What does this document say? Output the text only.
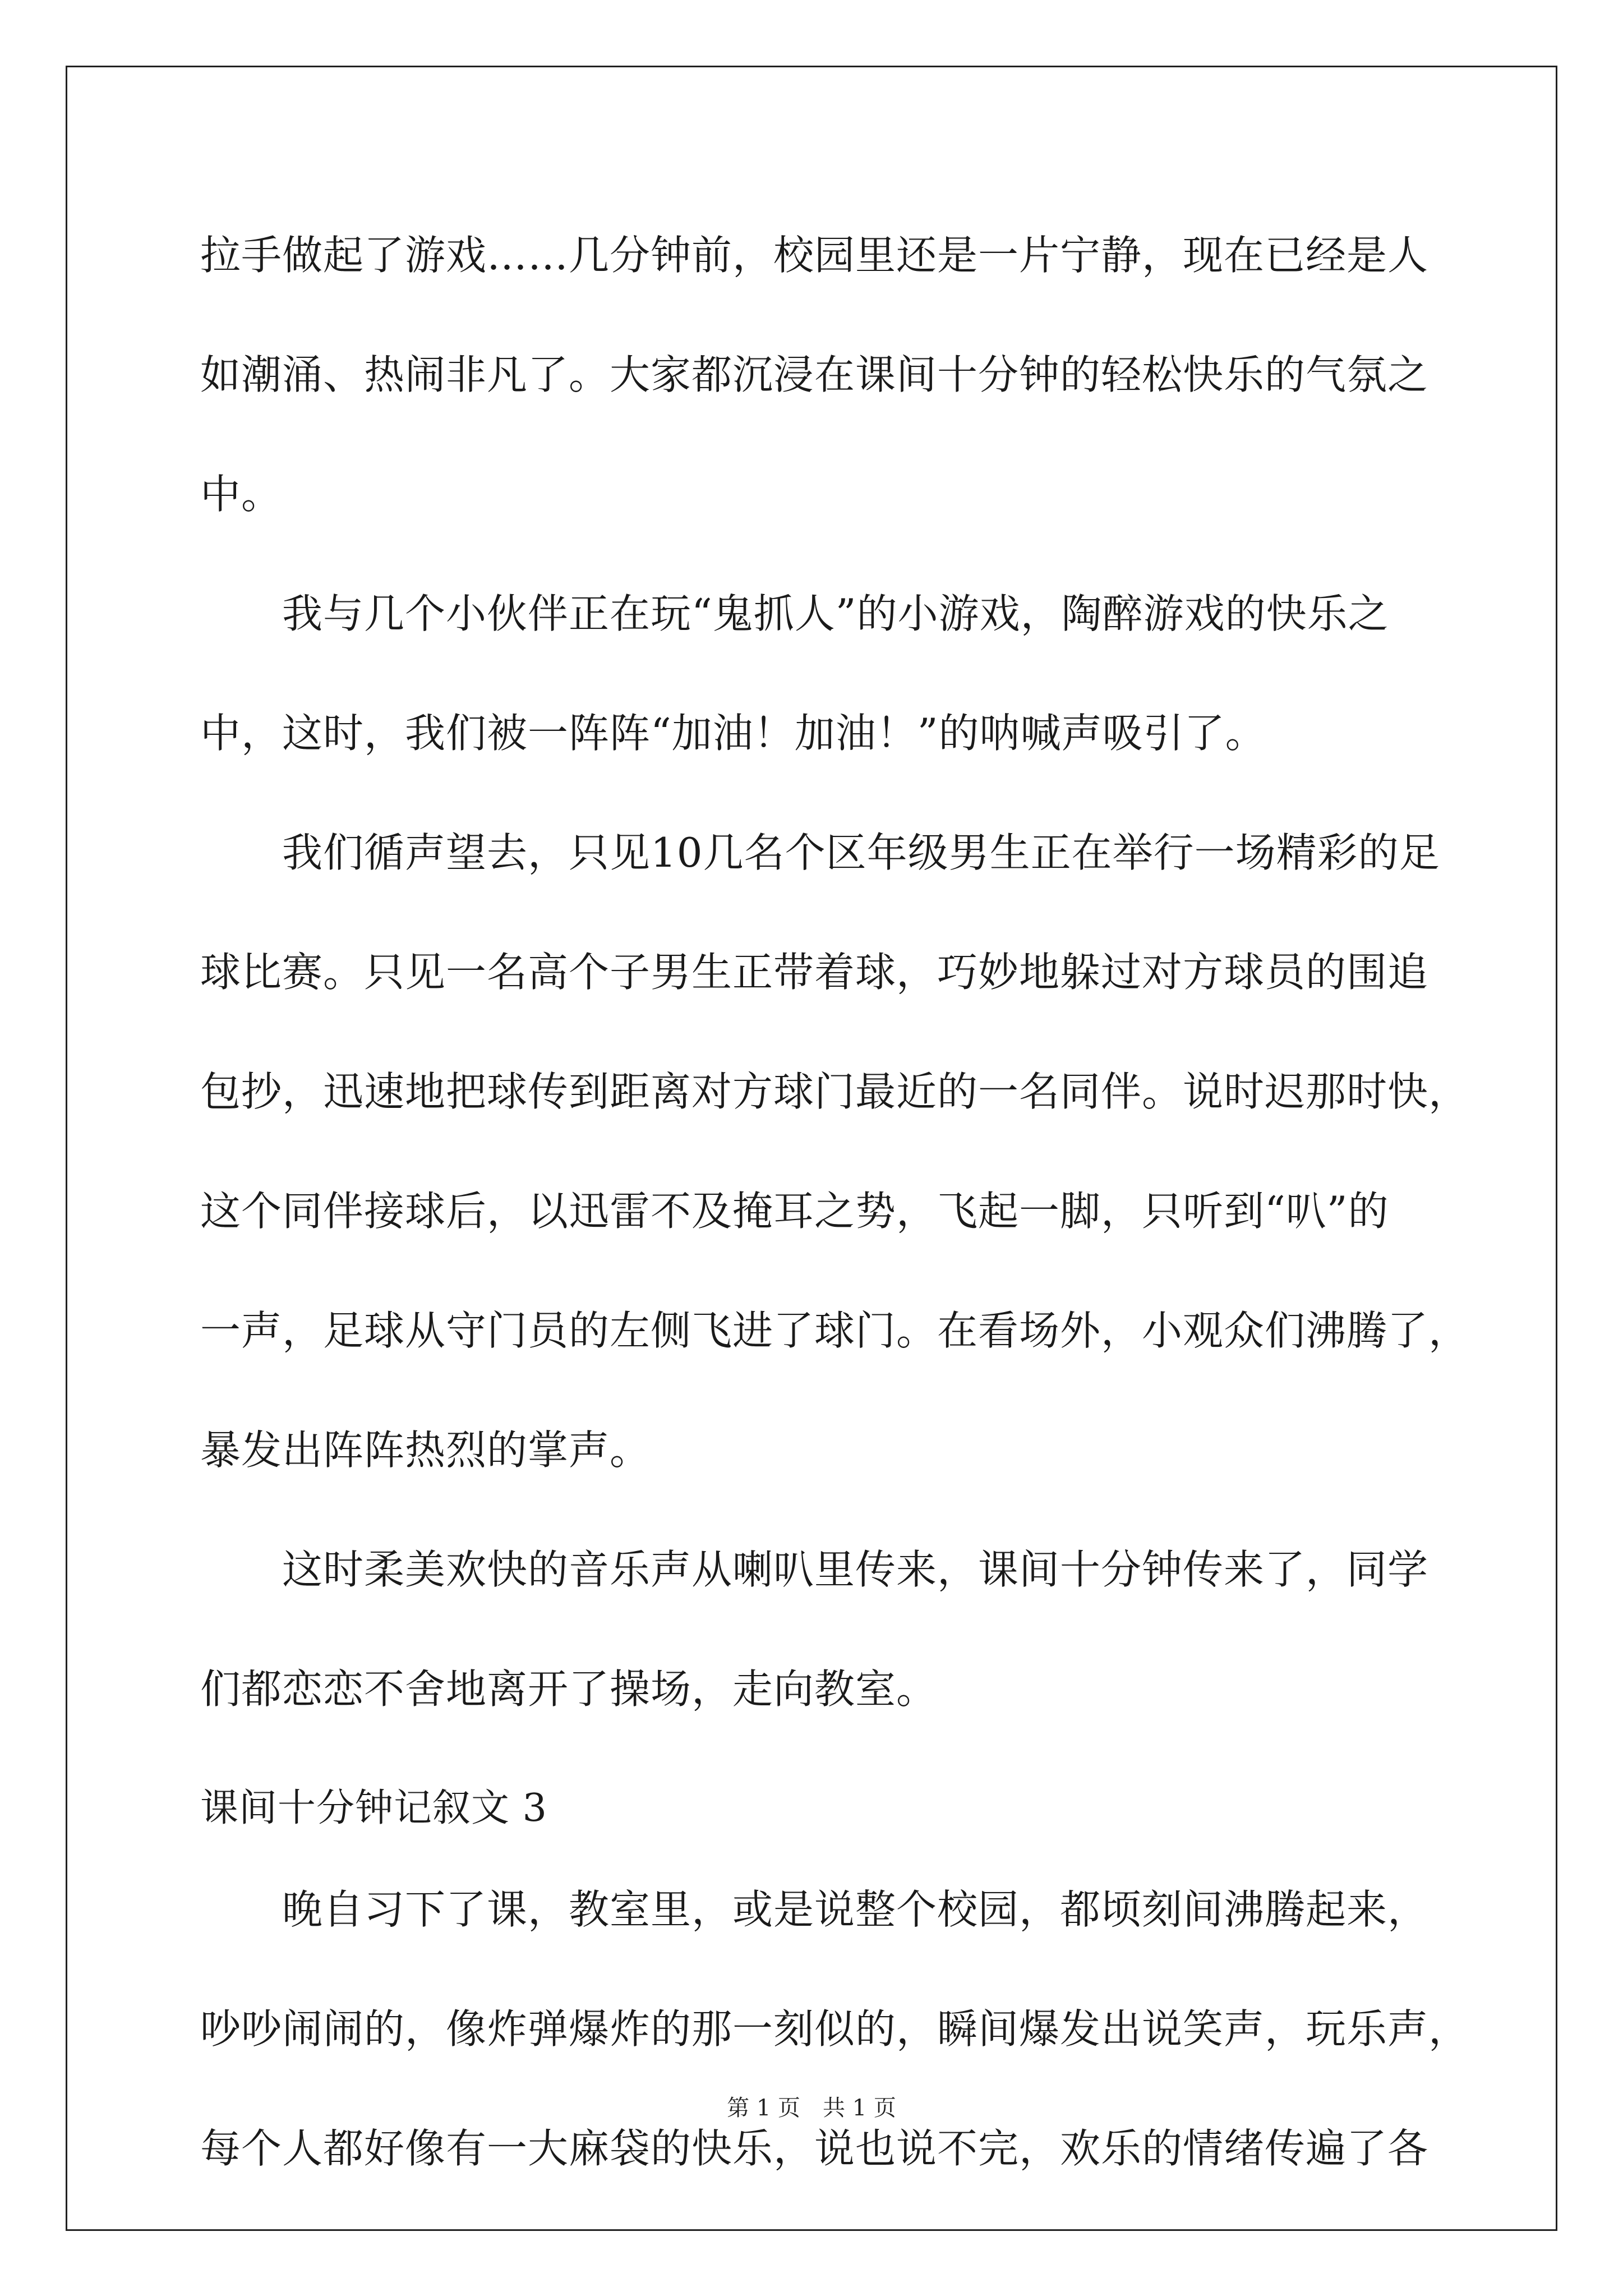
拉手做起了游戏……几分钟前，校园里还是一片宁静，现在已经是人
如潮涌、热闹非凡了。大家都沉浸在课间十分钟的轻松快乐的气氛之
中。
　　我与几个小伙伴正在玩“鬼抓人”的小游戏，陶醉游戏的快乐之
中，这时，我们被一阵阵“加油！加油！”的呐喊声吸引了。
　　我们循声望去，只见10几名个区年级男生正在举行一场精彩的足
球比赛。只见一名高个子男生正带着球，巧妙地躲过对方球员的围追
包抄，迅速地把球传到距离对方球门最近的一名同伴。说时迟那时快，
这个同伴接球后，以迅雷不及掩耳之势，飞起一脚，只听到“叭”的
一声，足球从守门员的左侧飞进了球门。在看场外，小观众们沸腾了，
暴发出阵阵热烈的掌声。
　　这时柔美欢快的音乐声从喇叭里传来，课间十分钟传来了，同学
们都恋恋不舍地离开了操场，走向教室。
课间十分钟记叙文 3
　　晚自习下了课，教室里，或是说整个校园，都顷刻间沸腾起来，
吵吵闹闹的，像炸弹爆炸的那一刻似的，瞬间爆发出说笑声，玩乐声，
每个人都好像有一大麻袋的快乐，说也说不完，欢乐的情绪传遍了各
第 1 页　共 1 页
